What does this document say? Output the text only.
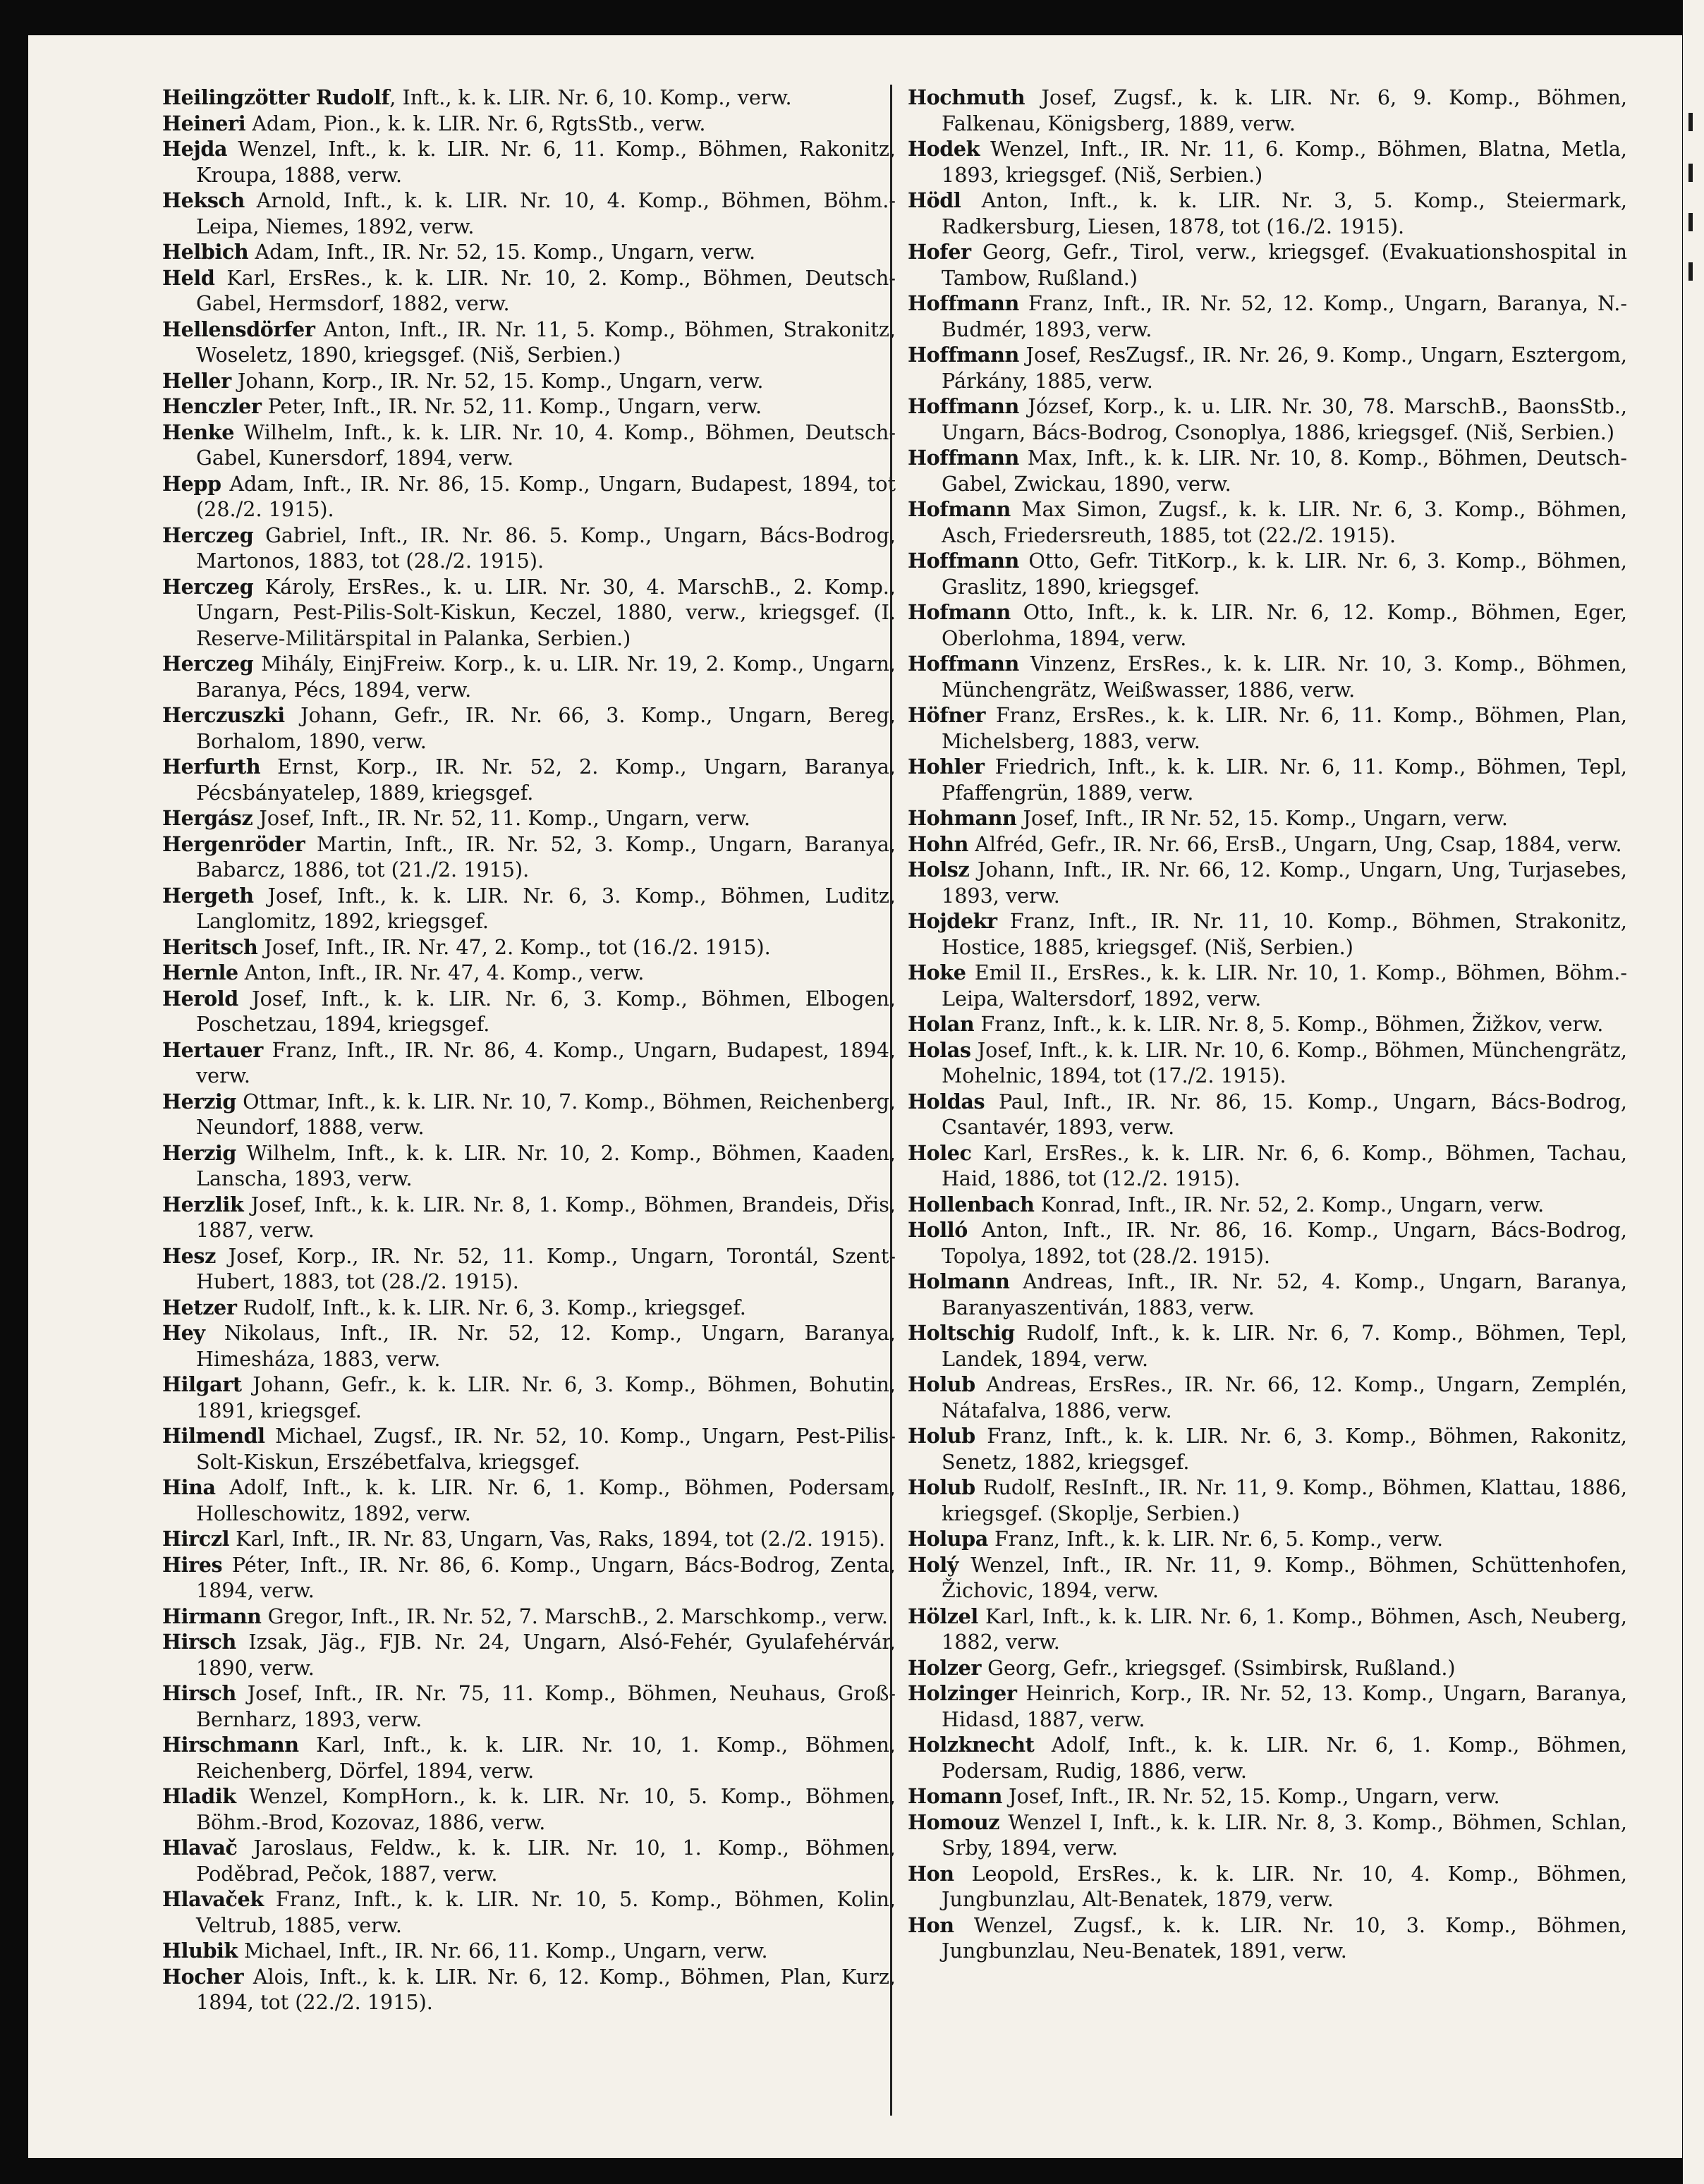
Heilingzötter Rudolf, Inft., k. k. LIR. Nr. 6, 10. Komp., verw.

Heineri Adam, Pion., k. k. LIR. Nr. 6, RgtsStb., verw.

Hejda Wenzel, Inft., k. k. LIR. Nr. 6, 11. Komp., Böhmen, Rakonitz, Kroupa, 1888, verw.

Heksch Arnold, Inft., k. k. LIR. Nr. 10, 4. Komp., Böhmen, Böhm.-Leipa, Niemes, 1892, verw.

Helbich Adam, Inft., IR. Nr. 52, 15. Komp., Ungarn, verw.

Held Karl, ErsRes., k. k. LIR. Nr. 10, 2. Komp., Böhmen, Deutsch-Gabel, Hermsdorf, 1882, verw.

Hellensdörfer Anton, Inft., IR. Nr. 11, 5. Komp., Böhmen, Strakonitz, Woseletz, 1890, kriegsgef. (Niš, Serbien.)

Heller Johann, Korp., IR. Nr. 52, 15. Komp., Ungarn, verw.

Henczler Peter, Inft., IR. Nr. 52, 11. Komp., Ungarn, verw.

Henke Wilhelm, Inft., k. k. LIR. Nr. 10, 4. Komp., Böhmen, Deutsch-Gabel, Kunersdorf, 1894, verw.

Hepp Adam, Inft., IR. Nr. 86, 15. Komp., Ungarn, Budapest, 1894, tot (28./2. 1915).

Herczeg Gabriel, Inft., IR. Nr. 86. 5. Komp., Ungarn, Bács-Bodrog, Martonos, 1883, tot (28./2. 1915).

Herczeg Károly, ErsRes., k. u. LIR. Nr. 30, 4. MarschB., 2. Komp., Ungarn, Pest-Pilis-Solt-Kiskun, Keczel, 1880, verw., kriegsgef. (I. Reserve-Militärspital in Palanka, Serbien.)

Herczeg Mihály, EinjFreiw. Korp., k. u. LIR. Nr. 19, 2. Komp., Ungarn, Baranya, Pécs, 1894, verw.

Herczuszki Johann, Gefr., IR. Nr. 66, 3. Komp., Ungarn, Bereg, Borhalom, 1890, verw.

Herfurth Ernst, Korp., IR. Nr. 52, 2. Komp., Ungarn, Baranya, Pécsbányatelep, 1889, kriegsgef.

Hergász Josef, Inft., IR. Nr. 52, 11. Komp., Ungarn, verw.

Hergenröder Martin, Inft., IR. Nr. 52, 3. Komp., Ungarn, Baranya, Babarcz, 1886, tot (21./2. 1915).

Hergeth Josef, Inft., k. k. LIR. Nr. 6, 3. Komp., Böhmen, Luditz, Langlomitz, 1892, kriegsgef.

Heritsch Josef, Inft., IR. Nr. 47, 2. Komp., tot (16./2. 1915).

Hernle Anton, Inft., IR. Nr. 47, 4. Komp., verw.

Herold Josef, Inft., k. k. LIR. Nr. 6, 3. Komp., Böhmen, Elbogen, Poschetzau, 1894, kriegsgef.

Hertauer Franz, Inft., IR. Nr. 86, 4. Komp., Ungarn, Budapest, 1894, verw.

Herzig Ottmar, Inft., k. k. LIR. Nr. 10, 7. Komp., Böhmen, Reichenberg, Neundorf, 1888, verw.

Herzig Wilhelm, Inft., k. k. LIR. Nr. 10, 2. Komp., Böhmen, Kaaden, Lanscha, 1893, verw.

Herzlik Josef, Inft., k. k. LIR. Nr. 8, 1. Komp., Böhmen, Brandeis, Dřis, 1887, verw.

Hesz Josef, Korp., IR. Nr. 52, 11. Komp., Ungarn, Torontál, Szent-Hubert, 1883, tot (28./2. 1915).

Hetzer Rudolf, Inft., k. k. LIR. Nr. 6, 3. Komp., kriegsgef.

Hey Nikolaus, Inft., IR. Nr. 52, 12. Komp., Ungarn, Baranya, Himesháza, 1883, verw.

Hilgart Johann, Gefr., k. k. LIR. Nr. 6, 3. Komp., Böhmen, Bohutin, 1891, kriegsgef.

Hilmendl Michael, Zugsf., IR. Nr. 52, 10. Komp., Ungarn, Pest-Pilis-Solt-Kiskun, Erszébetfalva, kriegsgef.

Hina Adolf, Inft., k. k. LIR. Nr. 6, 1. Komp., Böhmen, Podersam, Holleschowitz, 1892, verw.

Hirczl Karl, Inft., IR. Nr. 83, Ungarn, Vas, Raks, 1894, tot (2./2. 1915).

Hires Péter, Inft., IR. Nr. 86, 6. Komp., Ungarn, Bács-Bodrog, Zenta, 1894, verw.

Hirmann Gregor, Inft., IR. Nr. 52, 7. MarschB., 2. Marschkomp., verw.

Hirsch Izsak, Jäg., FJB. Nr. 24, Ungarn, Alsó-Fehér, Gyulafehérvár, 1890, verw.

Hirsch Josef, Inft., IR. Nr. 75, 11. Komp., Böhmen, Neuhaus, Groß-Bernharz, 1893, verw.

Hirschmann Karl, Inft., k. k. LIR. Nr. 10, 1. Komp., Böhmen, Reichenberg, Dörfel, 1894, verw.

Hladik Wenzel, KompHorn., k. k. LIR. Nr. 10, 5. Komp., Böhmen, Böhm.-Brod, Kozovaz, 1886, verw.

Hlavač Jaroslaus, Feldw., k. k. LIR. Nr. 10, 1. Komp., Böhmen, Poděbrad, Pečok, 1887, verw.

Hlavaček Franz, Inft., k. k. LIR. Nr. 10, 5. Komp., Böhmen, Kolin, Veltrub, 1885, verw.

Hlubik Michael, Inft., IR. Nr. 66, 11. Komp., Ungarn, verw.

Hocher Alois, Inft., k. k. LIR. Nr. 6, 12. Komp., Böhmen, Plan, Kurz, 1894, tot (22./2. 1915).

Hochmuth Josef, Zugsf., k. k. LIR. Nr. 6, 9. Komp., Böhmen, Falkenau, Königsberg, 1889, verw.

Hodek Wenzel, Inft., IR. Nr. 11, 6. Komp., Böhmen, Blatna, Metla, 1893, kriegsgef. (Niš, Serbien.)

Hödl Anton, Inft., k. k. LIR. Nr. 3, 5. Komp., Steiermark, Radkersburg, Liesen, 1878, tot (16./2. 1915).

Hofer Georg, Gefr., Tirol, verw., kriegsgef. (Evakuationshospital in Tambow, Rußland.)

Hoffmann Franz, Inft., IR. Nr. 52, 12. Komp., Ungarn, Baranya, N.-Budmér, 1893, verw.

Hoffmann Josef, ResZugsf., IR. Nr. 26, 9. Komp., Ungarn, Esztergom, Párkány, 1885, verw.

Hoffmann József, Korp., k. u. LIR. Nr. 30, 78. MarschB., BaonsStb., Ungarn, Bács-Bodrog, Csonoplya, 1886, kriegsgef. (Niš, Serbien.)

Hoffmann Max, Inft., k. k. LIR. Nr. 10, 8. Komp., Böhmen, Deutsch-Gabel, Zwickau, 1890, verw.

Hofmann Max Simon, Zugsf., k. k. LIR. Nr. 6, 3. Komp., Böhmen, Asch, Friedersreuth, 1885, tot (22./2. 1915).

Hoffmann Otto, Gefr. TitKorp., k. k. LIR. Nr. 6, 3. Komp., Böhmen, Graslitz, 1890, kriegsgef.

Hofmann Otto, Inft., k. k. LIR. Nr. 6, 12. Komp., Böhmen, Eger, Oberlohma, 1894, verw.

Hoffmann Vinzenz, ErsRes., k. k. LIR. Nr. 10, 3. Komp., Böhmen, Münchengrätz, Weißwasser, 1886, verw.

Höfner Franz, ErsRes., k. k. LIR. Nr. 6, 11. Komp., Böhmen, Plan, Michelsberg, 1883, verw.

Hohler Friedrich, Inft., k. k. LIR. Nr. 6, 11. Komp., Böhmen, Tepl, Pfaffengrün, 1889, verw.

Hohmann Josef, Inft., IR Nr. 52, 15. Komp., Ungarn, verw.

Hohn Alfréd, Gefr., IR. Nr. 66, ErsB., Ungarn, Ung, Csap, 1884, verw.

Holsz Johann, Inft., IR. Nr. 66, 12. Komp., Ungarn, Ung, Turjasebes, 1893, verw.

Hojdekr Franz, Inft., IR. Nr. 11, 10. Komp., Böhmen, Strakonitz, Hostice, 1885, kriegsgef. (Niš, Serbien.)

Hoke Emil II., ErsRes., k. k. LIR. Nr. 10, 1. Komp., Böhmen, Böhm.-Leipa, Waltersdorf, 1892, verw.

Holan Franz, Inft., k. k. LIR. Nr. 8, 5. Komp., Böhmen, Žižkov, verw.

Holas Josef, Inft., k. k. LIR. Nr. 10, 6. Komp., Böhmen, Münchengrätz, Mohelnic, 1894, tot (17./2. 1915).

Holdas Paul, Inft., IR. Nr. 86, 15. Komp., Ungarn, Bács-Bodrog, Csantavér, 1893, verw.

Holec Karl, ErsRes., k. k. LIR. Nr. 6, 6. Komp., Böhmen, Tachau, Haid, 1886, tot (12./2. 1915).

Hollenbach Konrad, Inft., IR. Nr. 52, 2. Komp., Ungarn, verw.

Holló Anton, Inft., IR. Nr. 86, 16. Komp., Ungarn, Bács-Bodrog, Topolya, 1892, tot (28./2. 1915).

Holmann Andreas, Inft., IR. Nr. 52, 4. Komp., Ungarn, Baranya, Baranyaszentiván, 1883, verw.

Holtschig Rudolf, Inft., k. k. LIR. Nr. 6, 7. Komp., Böhmen, Tepl, Landek, 1894, verw.

Holub Andreas, ErsRes., IR. Nr. 66, 12. Komp., Ungarn, Zemplén, Nátafalva, 1886, verw.

Holub Franz, Inft., k. k. LIR. Nr. 6, 3. Komp., Böhmen, Rakonitz, Senetz, 1882, kriegsgef.

Holub Rudolf, ResInft., IR. Nr. 11, 9. Komp., Böhmen, Klattau, 1886, kriegsgef. (Skoplje, Serbien.)

Holupa Franz, Inft., k. k. LIR. Nr. 6, 5. Komp., verw.

Holý Wenzel, Inft., IR. Nr. 11, 9. Komp., Böhmen, Schüttenhofen, Žichovic, 1894, verw.

Hölzel Karl, Inft., k. k. LIR. Nr. 6, 1. Komp., Böhmen, Asch, Neuberg, 1882, verw.

Holzer Georg, Gefr., kriegsgef. (Ssimbirsk, Rußland.)

Holzinger Heinrich, Korp., IR. Nr. 52, 13. Komp., Ungarn, Baranya, Hidasd, 1887, verw.

Holzknecht Adolf, Inft., k. k. LIR. Nr. 6, 1. Komp., Böhmen, Podersam, Rudig, 1886, verw.

Homann Josef, Inft., IR. Nr. 52, 15. Komp., Ungarn, verw.

Homouz Wenzel I, Inft., k. k. LIR. Nr. 8, 3. Komp., Böhmen, Schlan, Srby, 1894, verw.

Hon Leopold, ErsRes., k. k. LIR. Nr. 10, 4. Komp., Böhmen, Jungbunzlau, Alt-Benatek, 1879, verw.

Hon Wenzel, Zugsf., k. k. LIR. Nr. 10, 3. Komp., Böhmen, Jungbunzlau, Neu-Benatek, 1891, verw.
